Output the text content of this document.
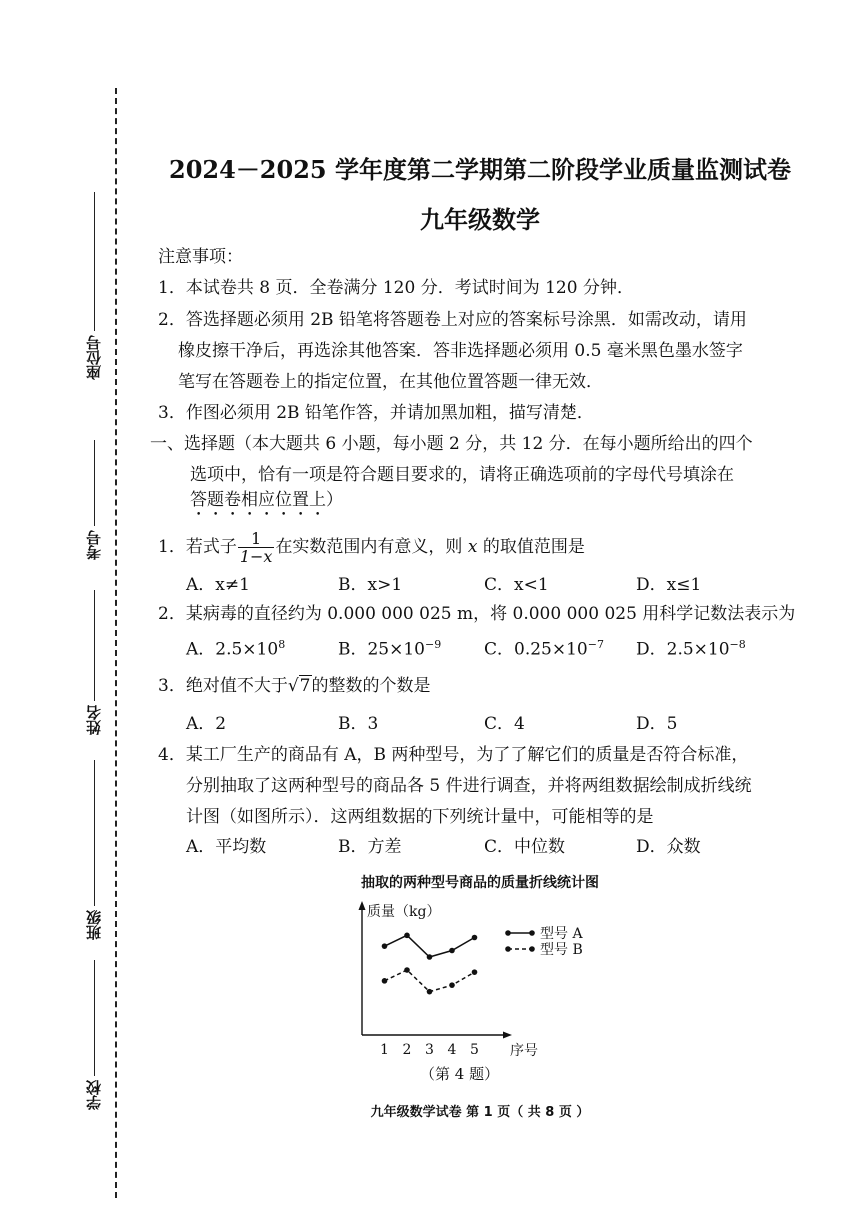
座位号
考号
姓名
班级
学校
2024－2025 学年度第二学期第二阶段学业质量监测试卷
九年级数学
注意事项：
1．本试卷共 8 页．全卷满分 120 分．考试时间为 120 分钟．
2．答选择题必须用 2B 铅笔将答题卷上对应的答案标号涂黑．如需改动，请用
橡皮擦干净后，再选涂其他答案．答非选择题必须用 0.5 毫米黑色墨水签字
笔写在答题卷上的指定位置，在其他位置答题一律无效．
3．作图必须用 2B 铅笔作答，并请加黑加粗，描写清楚．
一、选择题（本大题共 6 小题，每小题 2 分，共 12 分．在每小题所给出的四个
选项中，恰有一项是符合题目要求的，请将正确选项前的字母代号填涂在
答题卷相应位置上）
1．若式子 $\frac{1}{1-x}$ 在实数范围内有意义，则 x 的取值范围是
A．x≠1	B．x>1	C．x<1	D．x≤1
2．某病毒的直径约为 0.000 000 025 m，将 0.000 000 025 用科学记数法表示为
A．$2.5\times 10^8$	B．$25\times 10^{-9}$	C．$0.25\times 10^{-7}$ D．$2.5\times 10^{-8}$
3．绝对值不大于√7的整数的个数是
A．2	B．3	C．4	D．5
4．某工厂生产的商品有 A，B 两种型号，为了了解它们的质量是否符合标准，
分别抽取了这两种型号的商品各 5 件进行调查，并将两组数据绘制成折线统
计图（如图所示）．这两组数据的下列统计量中，可能相等的是
A．平均数	B．方差	C．中位数	D．众数
抽取的两种型号商品的质量折线统计图
质量（kg）
序号
1 2 3 4 5
型号 A
型号 B
（第 4 题）
九年级数学试卷 第 1 页（ 共 8 页 ）
